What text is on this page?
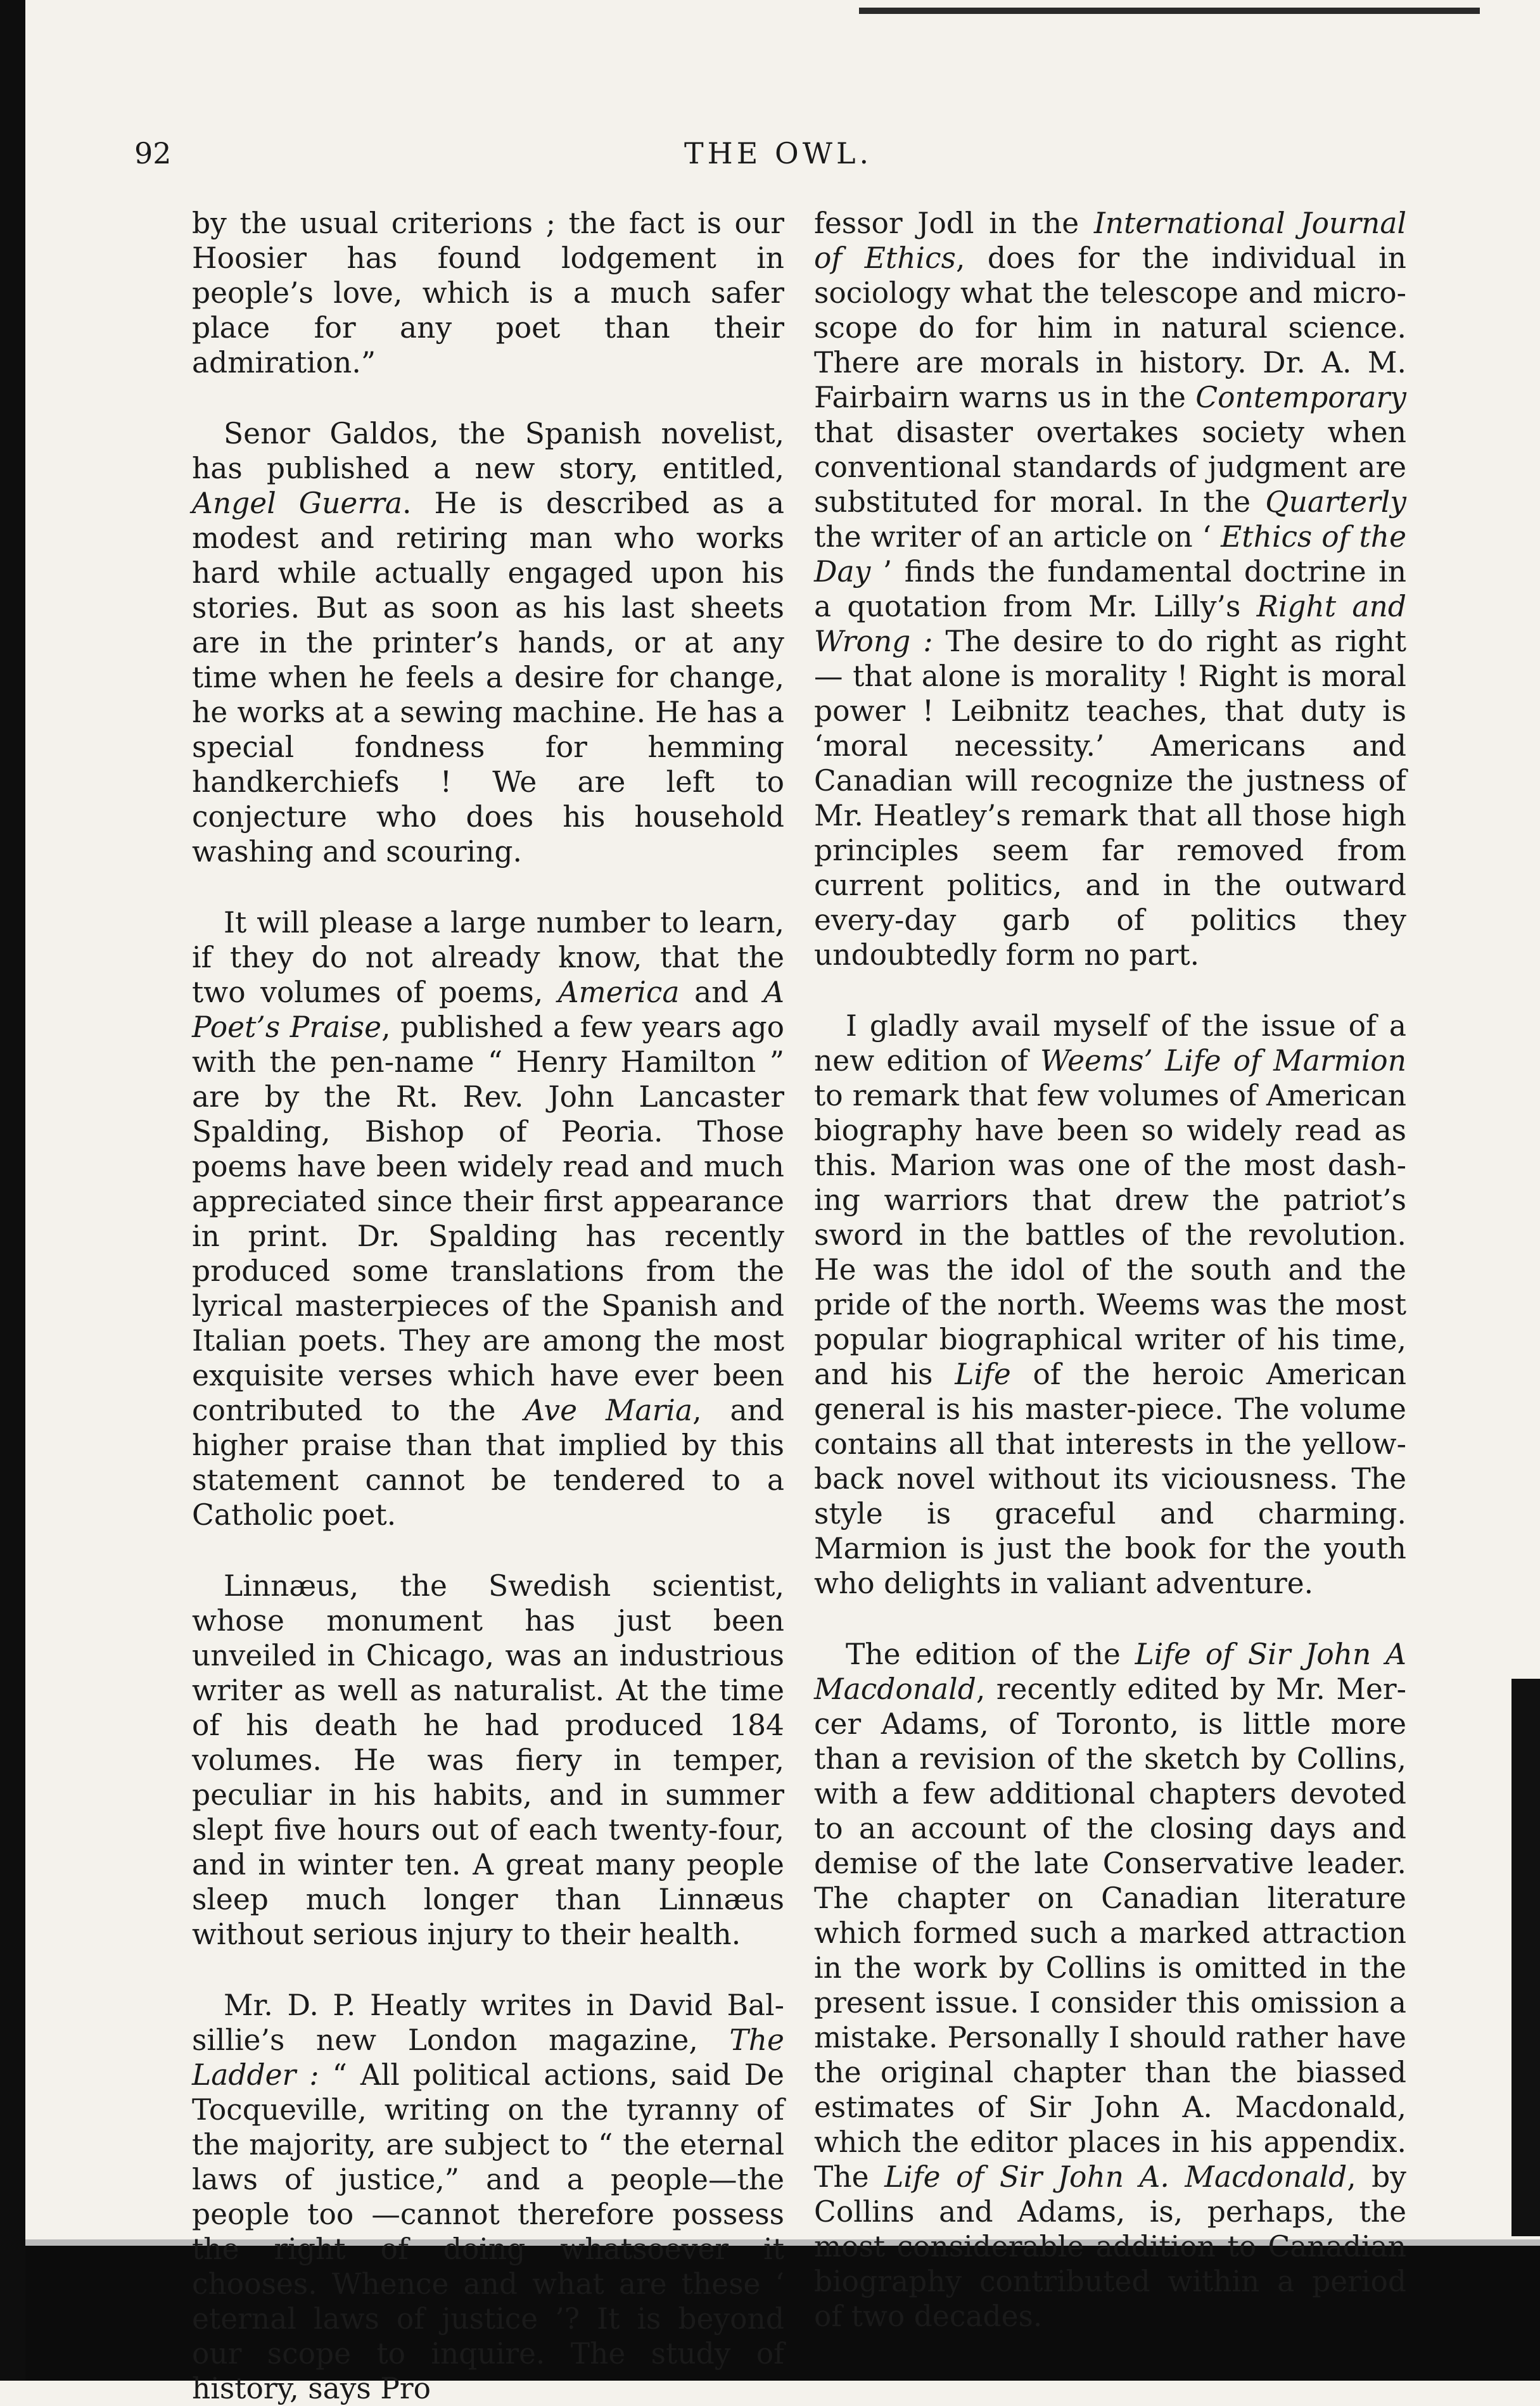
92	THE OWL.

by the usual criterions ; the fact is our Hoosier has found lodgement in people’s love, which is a much safer place for any poet than their admiration.”

Senor Galdos, the Spanish novelist, has published a new story, entitled, Angel Guerra. He is described as a modest and retiring man who works hard while actually engaged upon his stories. But as soon as his last sheets are in the printer’s hands, or at any time when he feels a desire for change, he works at a sewing machine. He has a special fondness for hemming handkerchiefs ! We are left to conjecture who does his household washing and scouring.

It will please a large number to learn, if they do not already know, that the two volumes of poems, America and A Poet’s Praise, published a few years ago with the pen-name “ Henry Hamilton ” are by the Rt. Rev. John Lancaster Spalding, Bishop of Peoria. Those poems have been widely read and much appreciated since their first appearance in print. Dr. Spalding has recently produced some translations from the lyrical masterpieces of the Spanish and Italian poets. They are among the most exquisite verses which have ever been contributed to the Ave Maria, and higher praise than that implied by this statement cannot be tendered to a Catholic poet.

Linnæus, the Swedish scientist, whose monument has just been unveiled in Chicago, was an industrious writer as well as naturalist. At the time of his death he had produced 184 volumes. He was fiery in temper, peculiar in his habits, and in summer slept five hours out of each twenty-four, and in winter ten. A great many people sleep much longer than Linnæus without serious injury to their health.

Mr. D. P. Heatly writes in David Balsillie’s new London magazine, The Ladder : “ All political actions, said De Tocqueville, writing on the tyranny of the majority, are subject to “ the eternal laws of justice,” and a people—the people too —cannot therefore possess the right of doing whatsoever it chooses. Whence and what are these ‘ eternal laws of justice ’? It is beyond our scope to inquire. The study of history, says Pro

fessor Jodl in the International Journal of Ethics, does for the individual in sociology what the telescope and microscope do for him in natural science. There are morals in history. Dr. A. M. Fairbairn warns us in the Contemporary that disaster overtakes society when conventional standards of judgment are substituted for moral. In the Quarterly the writer of an article on ‘ Ethics of the Day ’ finds the fundamental doctrine in a quotation from Mr. Lilly’s Right and Wrong : The desire to do right as right— that alone is morality ! Right is moral power ! Leibnitz teaches, that duty is ‘moral necessity.’ Americans and Canadian will recognize the justness of Mr. Heatley’s remark that all those high principles seem far removed from current politics, and in the outward every-day garb of politics they undoubtedly form no part.

I gladly avail myself of the issue of a new edition of Weems’ Life of Marmion to remark that few volumes of American biography have been so widely read as this. Marion was one of the most dashing warriors that drew the patriot’s sword in the battles of the revolution. He was the idol of the south and the pride of the north. Weems was the most popular biographical writer of his time, and his Life of the heroic American general is his master-piece. The volume contains all that interests in the yellow-back novel without its viciousness. The style is graceful and charming. Marmion is just the book for the youth who delights in valiant adventure.

The edition of the Life of Sir John A Macdonald, recently edited by Mr. Mercer Adams, of Toronto, is little more than a revision of the sketch by Collins, with a few additional chapters devoted to an account of the closing days and demise of the late Conservative leader. The chapter on Canadian literature which formed such a marked attraction in the work by Collins is omitted in the present issue. I consider this omission a mistake. Personally I should rather have the original chapter than the biassed estimates of Sir John A. Macdonald, which the editor places in his appendix. The Life of Sir John A. Macdonald, by Collins and Adams, is, perhaps, the most considerable addition to Canadian biography contributed within a period of two decades.
